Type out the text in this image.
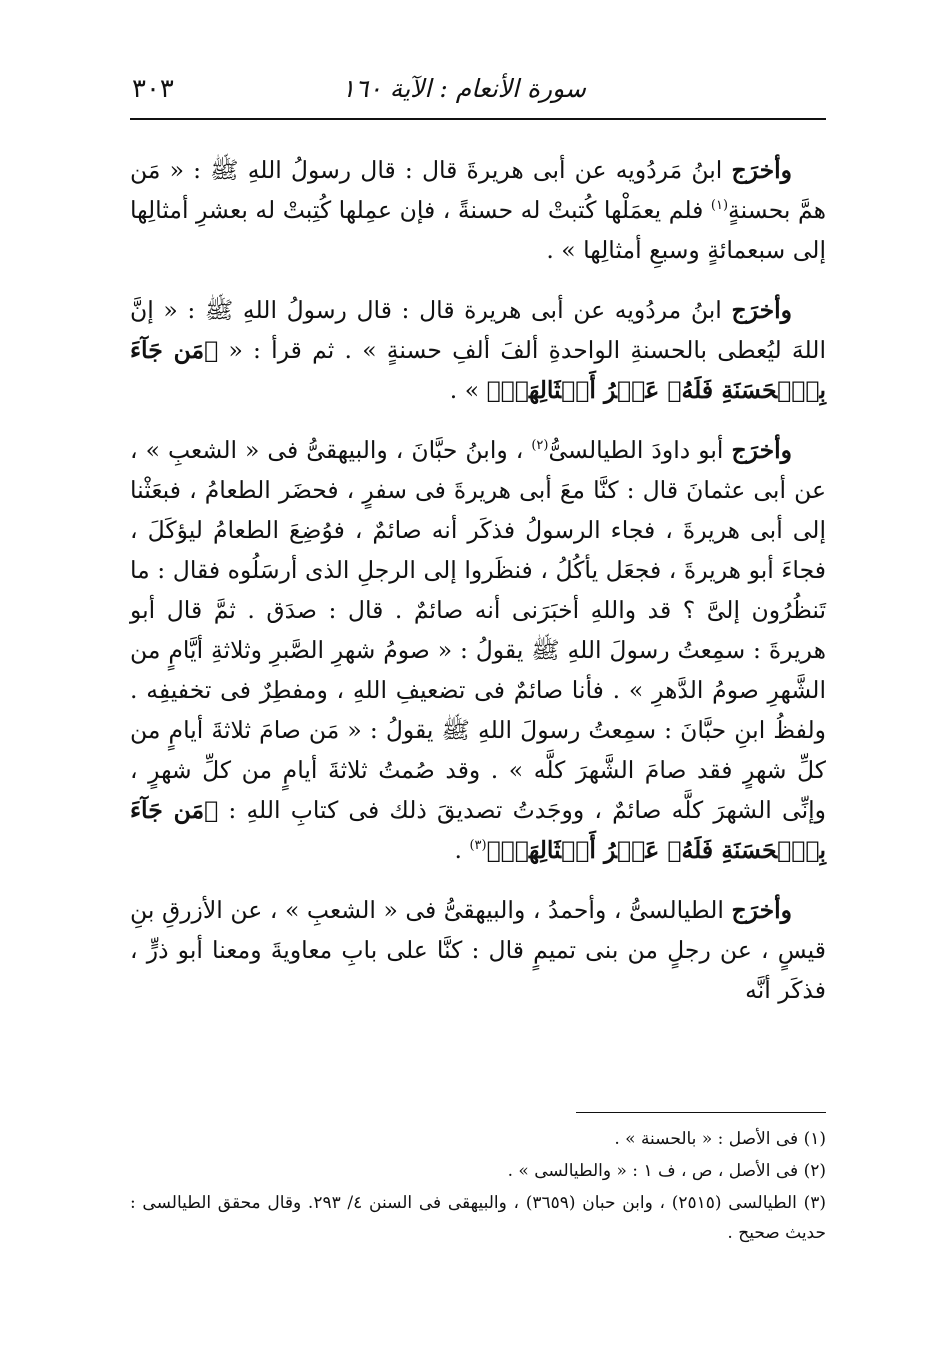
سورة الأنعام : الآية ١٦٠
٣٠٣

وأخرَج ابنُ مَردُويه عن أبى هريرةَ قال : قال رسولُ اللهِ ﷺ : « مَن همَّ بحسنةٍ$^{(١)}$ فلم يعمَلْها كُتبتْ له حسنةً ، فإن عمِلها كُتِبتْ له بعشرِ أمثالِها إلى سبعمائةٍ وسبعِ أمثالِها » .

وأخرَج ابنُ مردُويه عن أبى هريرة قال : قال رسولُ اللهِ ﷺ : « إنَّ اللهَ ليُعطى بالحسنةِ الواحدةِ ألفَ ألفِ حسنةٍ » . ثم قرأ : « ﴿مَن جَآءَ بِٱلۡحَسَنَةِ فَلَهُۥ عَشۡرُ أَمۡثَالِهَاۖ﴾ » .

وأخرَج أبو داودَ الطيالسىُّ$^{(٢)}$ ، وابنُ حبَّانَ ، والبيهقىُّ فى « الشعبِ » ، عن أبى عثمانَ قال : كنَّا معَ أبى هريرةَ فى سفرٍ ، فحضَر الطعامُ ، فبعَثْنا إلى أبى هريرةَ ، فجاء الرسولُ فذكَر أنه صائمٌ ، فوُضِعَ الطعامُ ليؤكَلَ ، فجاءَ أبو هريرةَ ، فجعَل يأكُلُ ، فنظَروا إلى الرجلِ الذى أرسَلُوه فقال : ما تَنظُرُون إلىَّ ؟ قد واللهِ أخبَرَنى أنه صائمٌ . قال : صدَق . ثمَّ قال أبو هريرةَ : سمِعتُ رسولَ اللهِ ﷺ يقولُ : « صومُ شهرِ الصَّبرِ وثلاثةِ أيَّامٍ من الشَّهرِ صومُ الدَّهرِ » . فأنا صائمٌ فى تضعيفِ اللهِ ، ومفطِرٌ فى تخفيفِه . ولفظُ ابنِ حبَّانَ : سمِعتُ رسولَ اللهِ ﷺ يقولُ : « مَن صامَ ثلاثةَ أيامٍ من كلِّ شهرٍ فقد صامَ الشَّهرَ كلَّه » . وقد صُمتُ ثلاثةَ أيامٍ من كلِّ شهرٍ ، وإنِّى الشهرَ كلَّه صائمٌ ، ووجَدتُ تصديقَ ذلك فى كتابِ اللهِ : ﴿مَن جَآءَ بِٱلۡحَسَنَةِ فَلَهُۥ عَشۡرُ أَمۡثَالِهَاۖ﴾$^{(٣)}$ .

وأخرَج الطيالسىُّ ، وأحمدُ ، والبيهقىُّ فى « الشعبِ » ، عن الأزرقِ بنِ قيسٍ ، عن رجلٍ من بنى تميمٍ قال : كنَّا على بابِ معاويةَ ومعنا أبو ذرٍّ ، فذكَر أنَّه

(١) فى الأصل : « بالحسنة » .

(٢) فى الأصل ، ص ، ف ١ : « والطيالسى » .

(٣) الطيالسى (٢٥١٥) ، وابن حبان (٣٦٥٩) ، والبيهقى فى السنن ٤/ ٢٩٣. وقال محقق الطيالسى : حديث صحيح .
